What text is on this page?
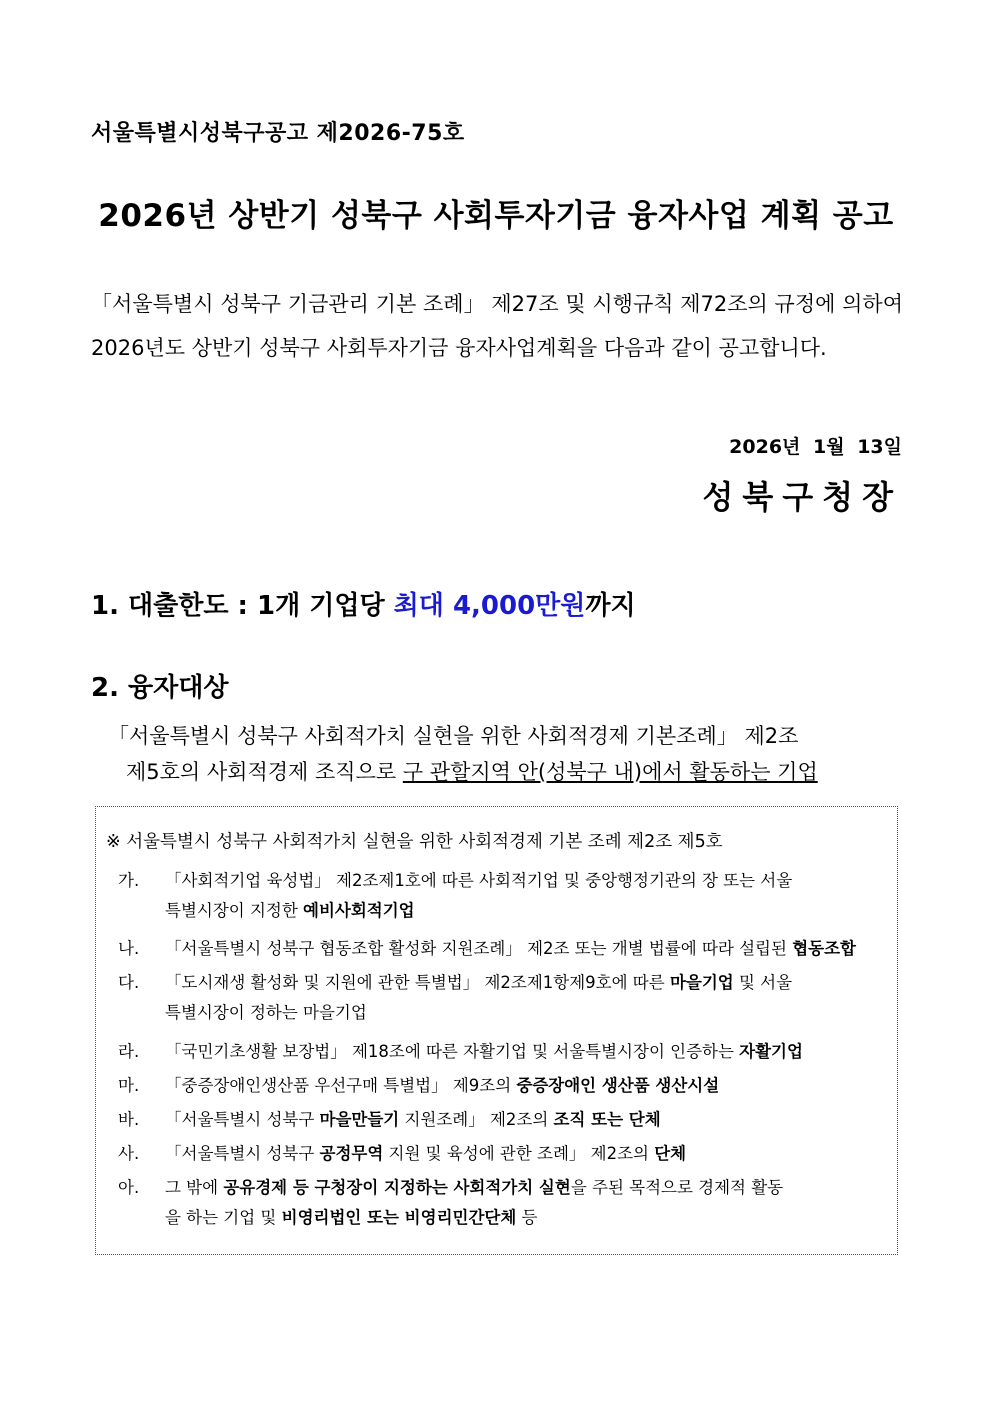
서울특별시성북구공고 제2026-75호
2026년 상반기 성북구 사회투자기금 융자사업 계획 공고
「서울특별시 성북구 기금관리 기본 조례」 제27조 및 시행규칙 제72조의 규정에 의하여 2026년도 상반기 성북구 사회투자기금 융자사업계획을 다음과 같이 공고합니다.
2026년 1월 13일
성북구청장
1. 대출한도 : 1개 기업당 최대 4,000만원까지
2. 융자대상
「서울특별시 성북구 사회적가치 실현을 위한 사회적경제 기본조례」 제2조
제5호의 사회적경제 조직으로 구 관할지역 안(성북구 내)에서 활동하는 기업
※ 서울특별시 성북구 사회적가치 실현을 위한 사회적경제 기본 조례 제2조 제5호
가. 「사회적기업 육성법」 제2조제1호에 따른 사회적기업 및 중앙행정기관의 장 또는 서울
특별시장이 지정한 예비사회적기업
나. 「서울특별시 성북구 협동조합 활성화 지원조례」 제2조 또는 개별 법률에 따라 설립된 협동조합
다. 「도시재생 활성화 및 지원에 관한 특별법」 제2조제1항제9호에 따른 마을기업 및 서울
특별시장이 정하는 마을기업
라. 「국민기초생활 보장법」 제18조에 따른 자활기업 및 서울특별시장이 인증하는 자활기업
마. 「중증장애인생산품 우선구매 특별법」 제9조의 중증장애인 생산품 생산시설
바. 「서울특별시 성북구 마을만들기 지원조례」 제2조의 조직 또는 단체
사. 「서울특별시 성북구 공정무역 지원 및 육성에 관한 조례」 제2조의 단체
아. 그 밖에 공유경제 등 구청장이 지정하는 사회적가치 실현을 주된 목적으로 경제적 활동
을 하는 기업 및 비영리법인 또는 비영리민간단체 등
